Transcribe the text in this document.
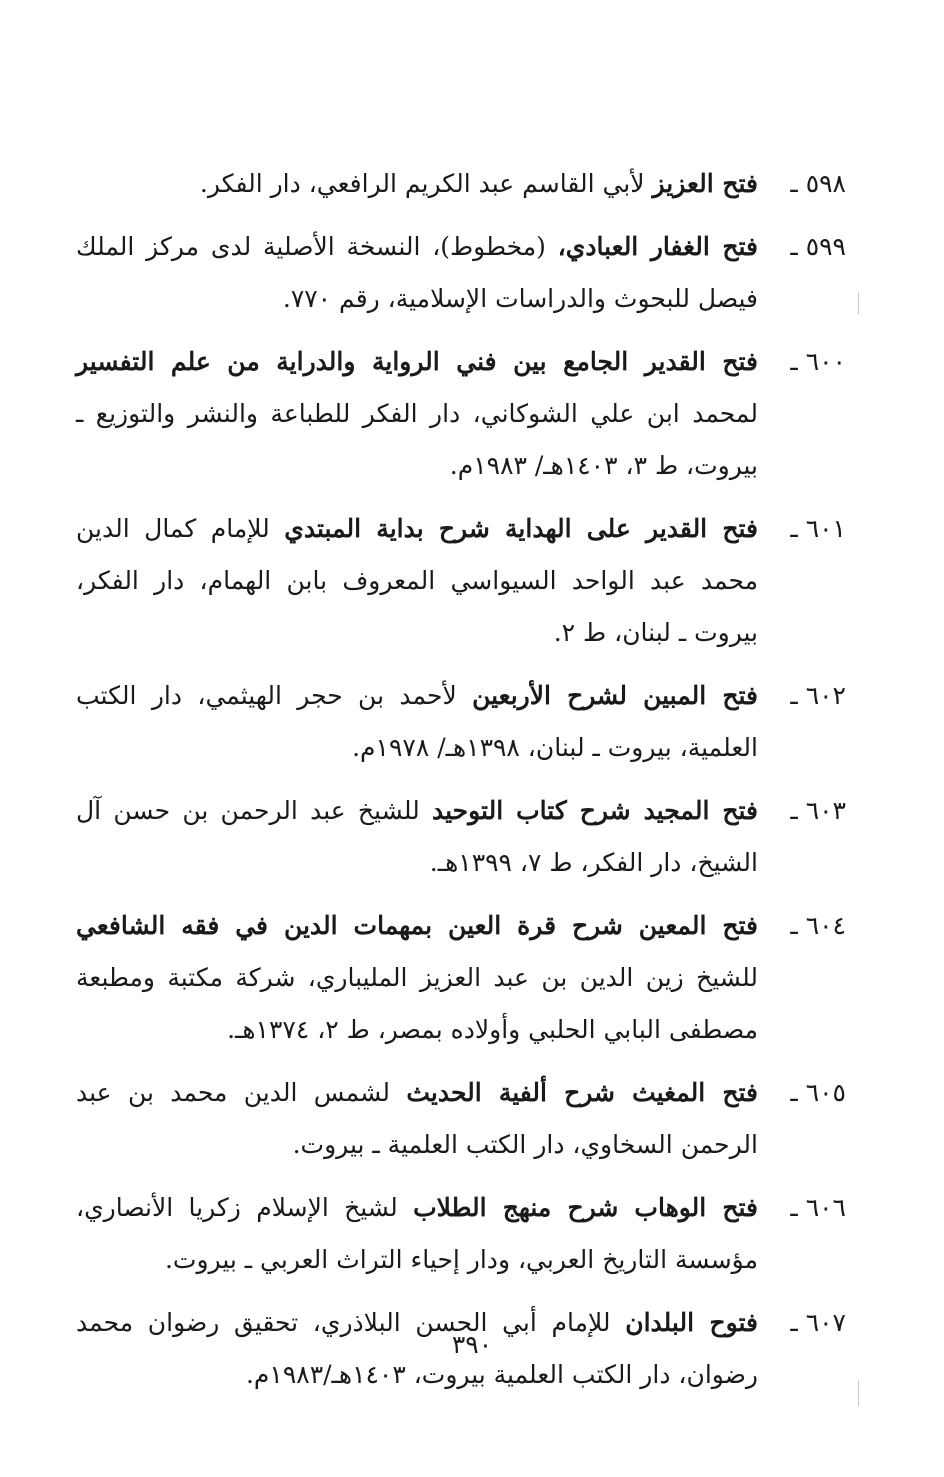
٥٩٨ ـ
فتح العزيز لأبي القاسم عبد الكريم الرافعي، دار الفكر.
٥٩٩ ـ
فتح الغفار العبادي، (مخطوط)، النسخة الأصلية لدى مركز الملك فيصل للبحوث والدراسات الإسلامية، رقم ٧٧٠.
٦٠٠ ـ
فتح القدير الجامع بين فني الرواية والدراية من علم التفسير لمحمد ابن علي الشوكاني، دار الفكر للطباعة والنشر والتوزيع ـ بيروت، ط ٣، ١٤٠٣هـ/ ١٩٨٣م.
٦٠١ ـ
فتح القدير على الهداية شرح بداية المبتدي للإمام كمال الدين محمد عبد الواحد السيواسي المعروف بابن الهمام، دار الفكر، بيروت ـ لبنان، ط ٢.
٦٠٢ ـ
فتح المبين لشرح الأربعين لأحمد بن حجر الهيثمي، دار الكتب العلمية، بيروت ـ لبنان، ١٣٩٨هـ/ ١٩٧٨م.
٦٠٣ ـ
فتح المجيد شرح كتاب التوحيد للشيخ عبد الرحمن بن حسن آل الشيخ، دار الفكر، ط ٧، ١٣٩٩هـ.
٦٠٤ ـ
فتح المعين شرح قرة العين بمهمات الدين في فقه الشافعي للشيخ زين الدين بن عبد العزيز المليباري، شركة مكتبة ومطبعة مصطفى البابي الحلبي وأولاده بمصر، ط ٢، ١٣٧٤هـ.
٦٠٥ ـ
فتح المغيث شرح ألفية الحديث لشمس الدين محمد بن عبد الرحمن السخاوي، دار الكتب العلمية ـ بيروت.
٦٠٦ ـ
فتح الوهاب شرح منهج الطلاب لشيخ الإسلام زكريا الأنصاري، مؤسسة التاريخ العربي، ودار إحياء التراث العربي ـ بيروت.
٦٠٧ ـ
فتوح البلدان للإمام أبي الحسن البلاذري، تحقيق رضوان محمد رضوان، دار الكتب العلمية بيروت، ١٤٠٣هـ/١٩٨٣م.
٣٩٠
